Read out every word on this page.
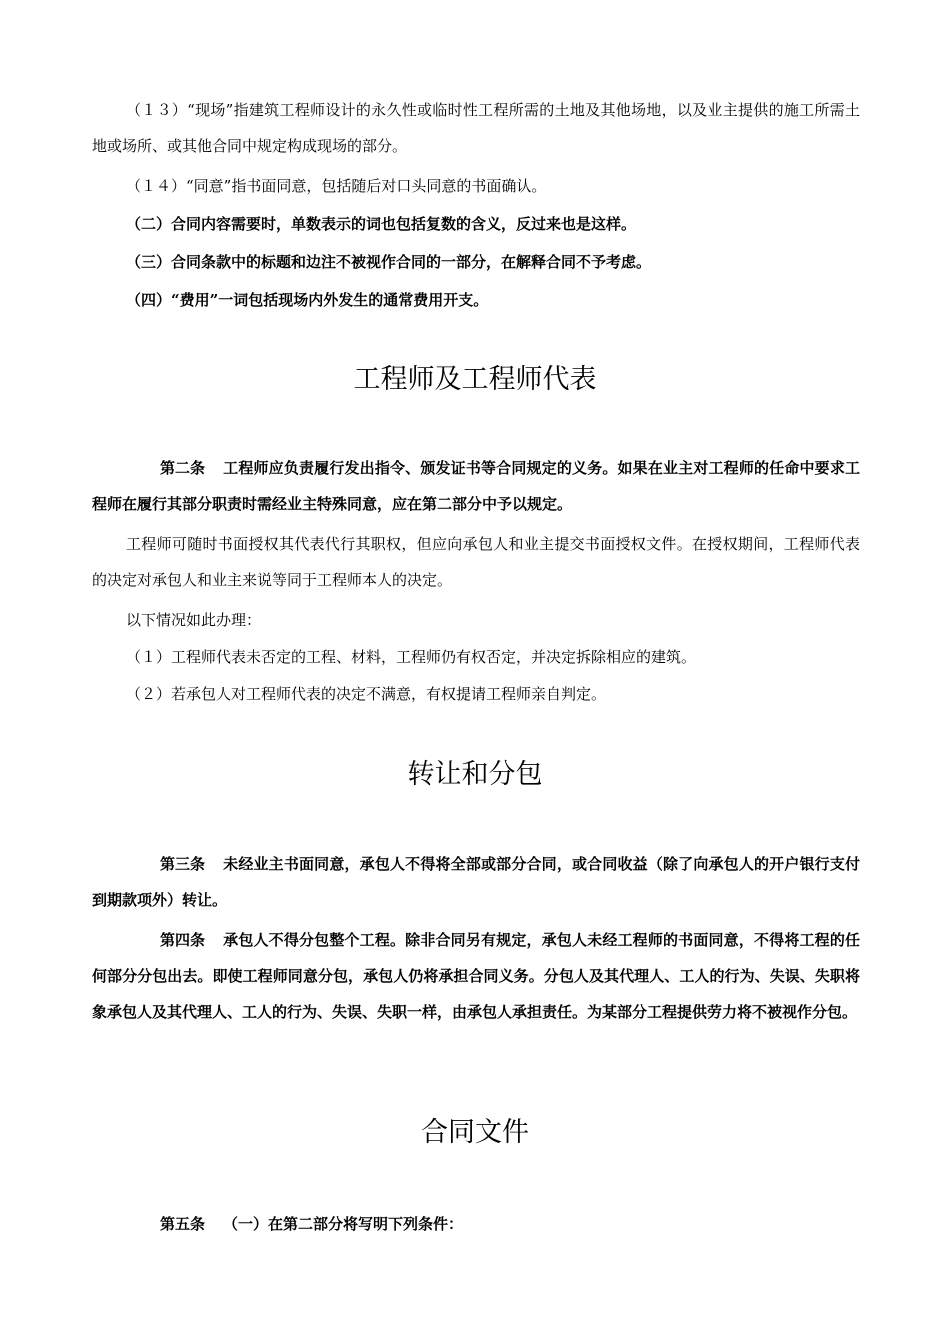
（１３）“现场”指建筑工程师设计的永久性或临时性工程所需的土地及其他场地，以及业主提供的施工所需土地或场所、或其他合同中规定构成现场的部分。

（１４）“同意”指书面同意，包括随后对口头同意的书面确认。

（二）合同内容需要时，单数表示的词也包括复数的含义，反过来也是这样。

（三）合同条款中的标题和边注不被视作合同的一部分，在解释合同不予考虑。

（四）“费用”一词包括现场内外发生的通常费用开支。

工程师及工程师代表

第二条 工程师应负责履行发出指令、颁发证书等合同规定的义务。如果在业主对工程师的任命中要求工程师在履行其部分职责时需经业主特殊同意，应在第二部分中予以规定。

工程师可随时书面授权其代表代行其职权，但应向承包人和业主提交书面授权文件。在授权期间，工程师代表的决定对承包人和业主来说等同于工程师本人的决定。

以下情况如此办理：

（１）工程师代表未否定的工程、材料，工程师仍有权否定，并决定拆除相应的建筑。

（２）若承包人对工程师代表的决定不满意，有权提请工程师亲自判定。

转让和分包

第三条 未经业主书面同意，承包人不得将全部或部分合同，或合同收益（除了向承包人的开户银行支付到期款项外）转让。

第四条 承包人不得分包整个工程。除非合同另有规定，承包人未经工程师的书面同意，不得将工程的任何部分分包出去。即使工程师同意分包，承包人仍将承担合同义务。分包人及其代理人、工人的行为、失误、失职将象承包人及其代理人、工人的行为、失误、失职一样，由承包人承担责任。为某部分工程提供劳力将不被视作分包。

合同文件

第五条 （一）在第二部分将写明下列条件：
